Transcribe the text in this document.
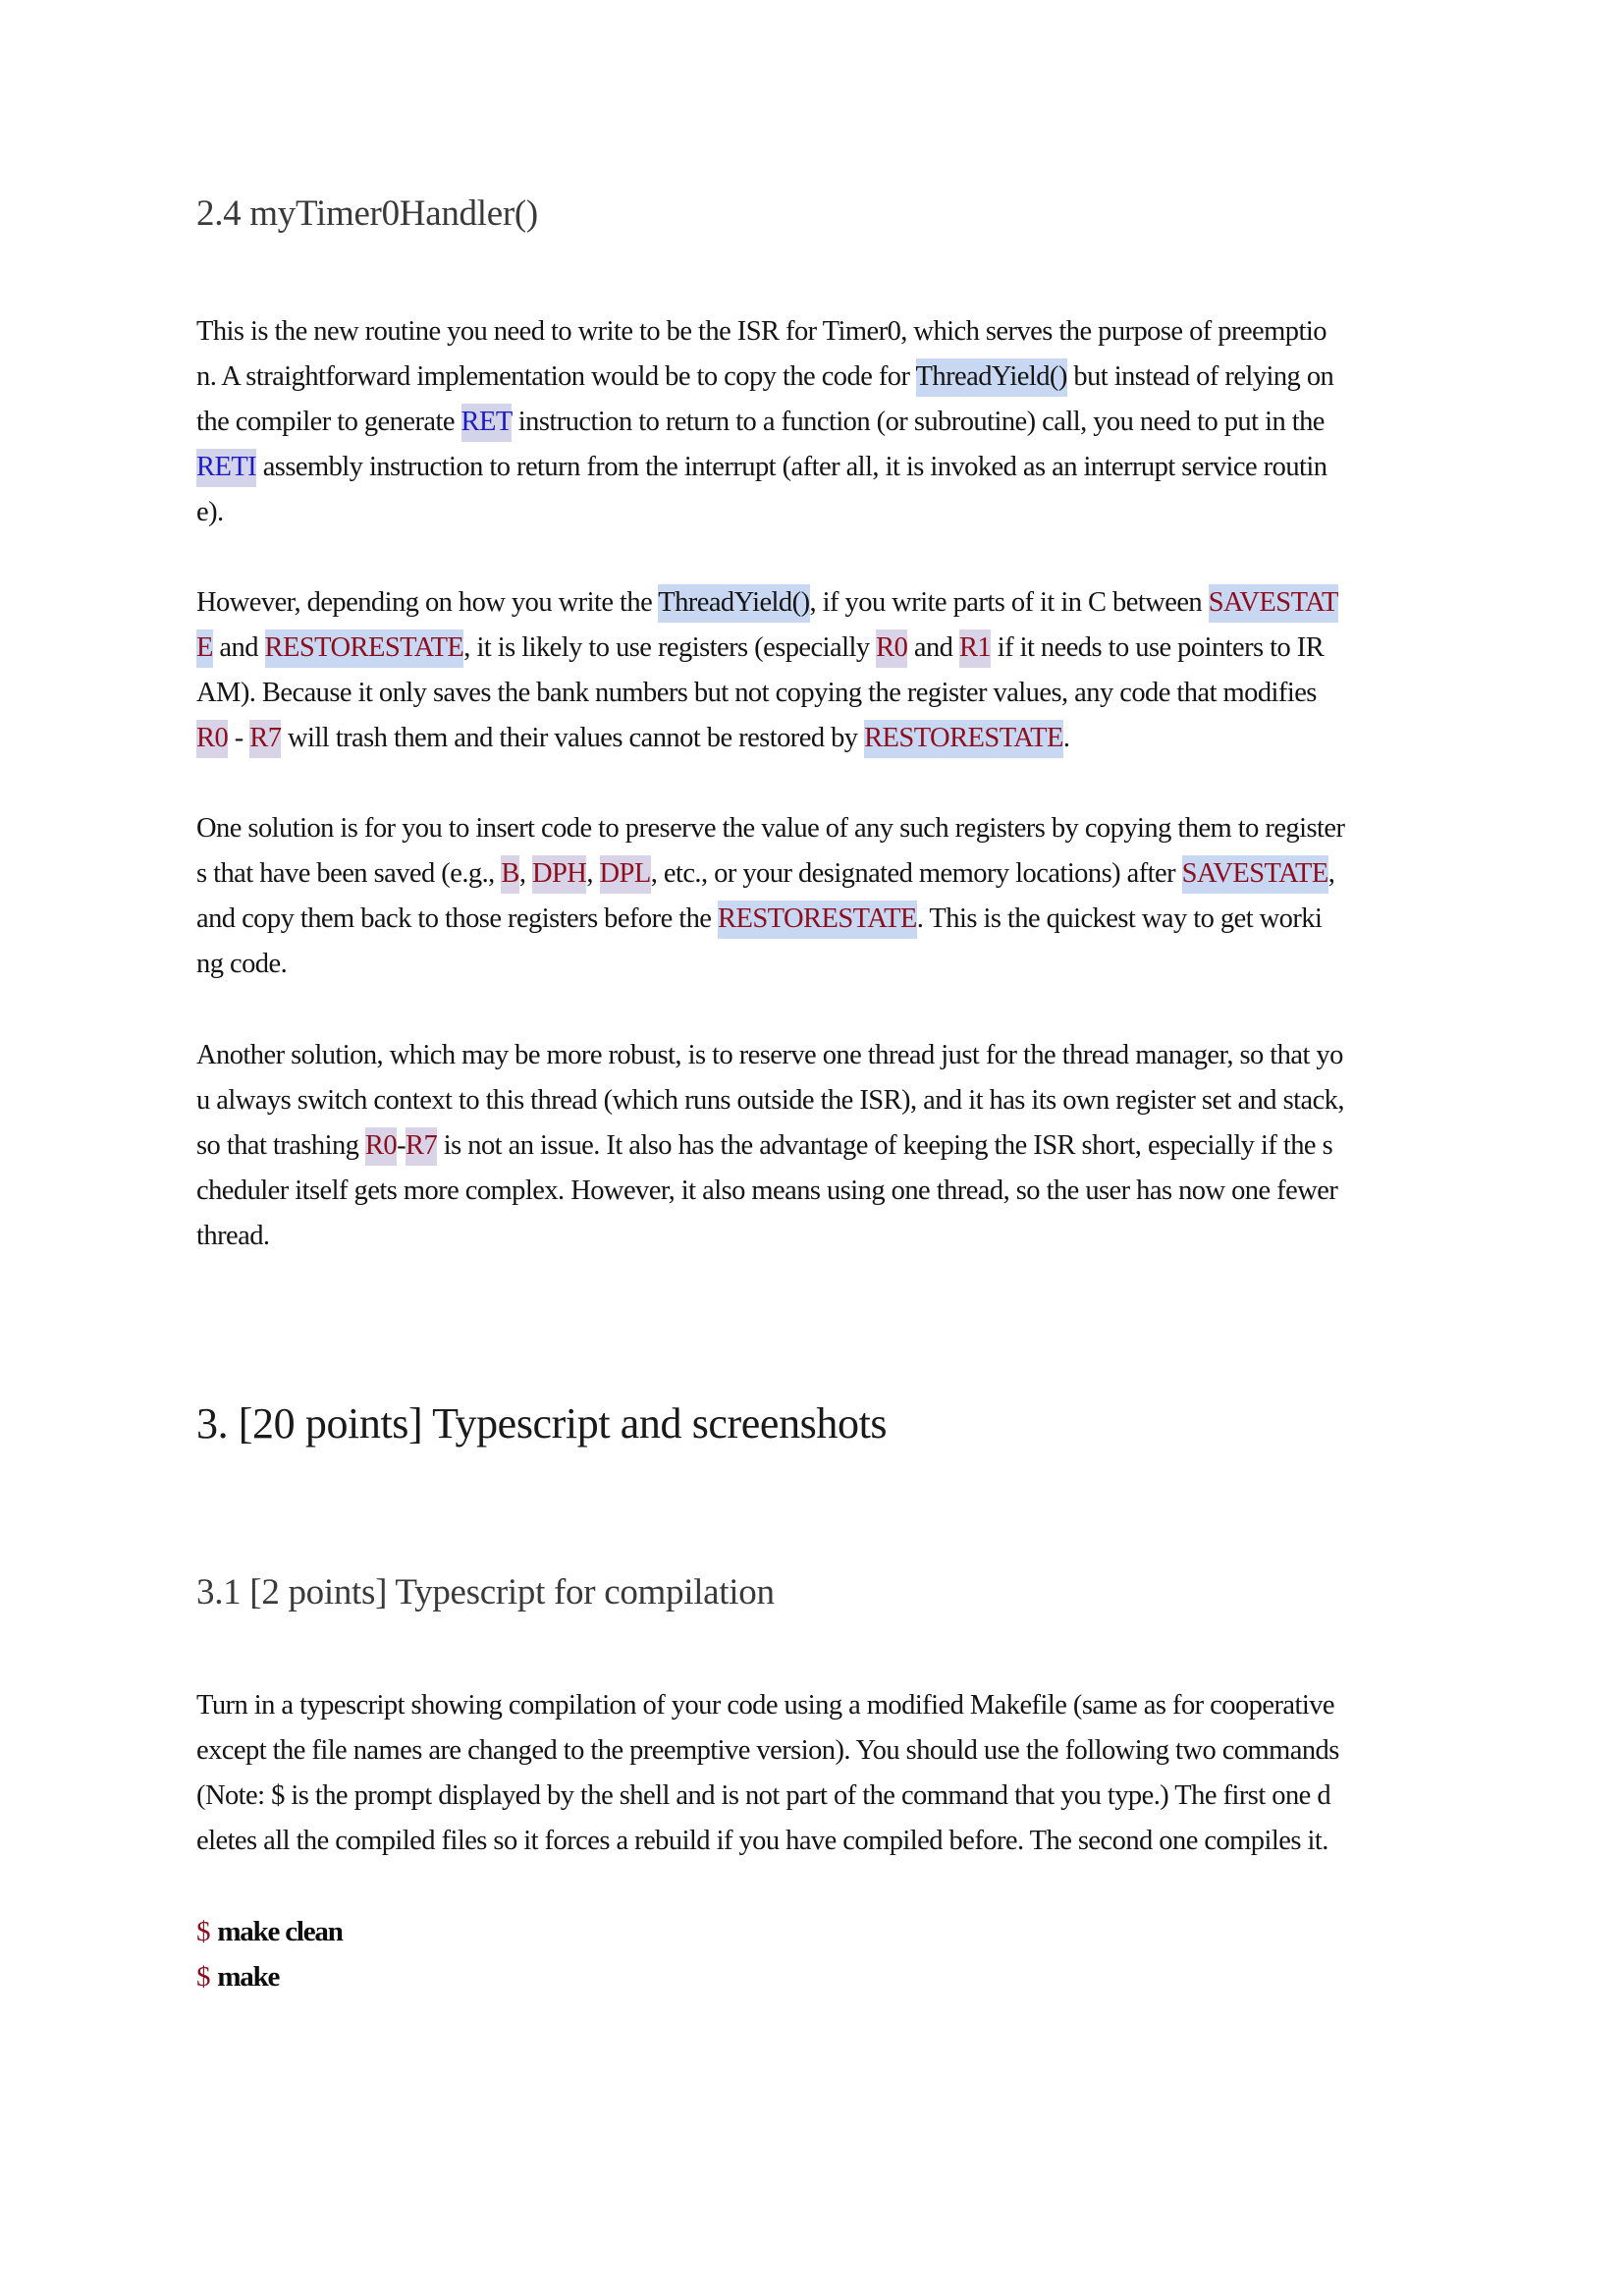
2.4 myTimer0Handler()
This is the new routine you need to write to be the ISR for Timer0, which serves the purpose of preemptio
n. A straightforward implementation would be to copy the code for ThreadYield() but instead of relying on
the compiler to generate RET instruction to return to a function (or subroutine) call, you need to put in the
RETI assembly instruction to return from the interrupt (after all, it is invoked as an interrupt service routin
e).
However, depending on how you write the ThreadYield(), if you write parts of it in C between SAVESTAT
E and RESTORESTATE, it is likely to use registers (especially R0 and R1 if it needs to use pointers to IR
AM). Because it only saves the bank numbers but not copying the register values, any code that modifies
R0 - R7 will trash them and their values cannot be restored by RESTORESTATE.
One solution is for you to insert code to preserve the value of any such registers by copying them to register
s that have been saved (e.g., B, DPH, DPL, etc., or your designated memory locations) after SAVESTATE,
and copy them back to those registers before the RESTORESTATE. This is the quickest way to get worki
ng code.
Another solution, which may be more robust, is to reserve one thread just for the thread manager, so that yo
u always switch context to this thread (which runs outside the ISR), and it has its own register set and stack,
so that trashing R0-R7 is not an issue. It also has the advantage of keeping the ISR short, especially if the s
cheduler itself gets more complex. However, it also means using one thread, so the user has now one fewer
thread.
3. [20 points] Typescript and screenshots
3.1 [2 points] Typescript for compilation
Turn in a typescript showing compilation of your code using a modified Makefile (same as for cooperative
except the file names are changed to the preemptive version). You should use the following two commands
(Note: $ is the prompt displayed by the shell and is not part of the command that you type.) The first one d
eletes all the compiled files so it forces a rebuild if you have compiled before. The second one compiles it.
$ make clean
$ make
